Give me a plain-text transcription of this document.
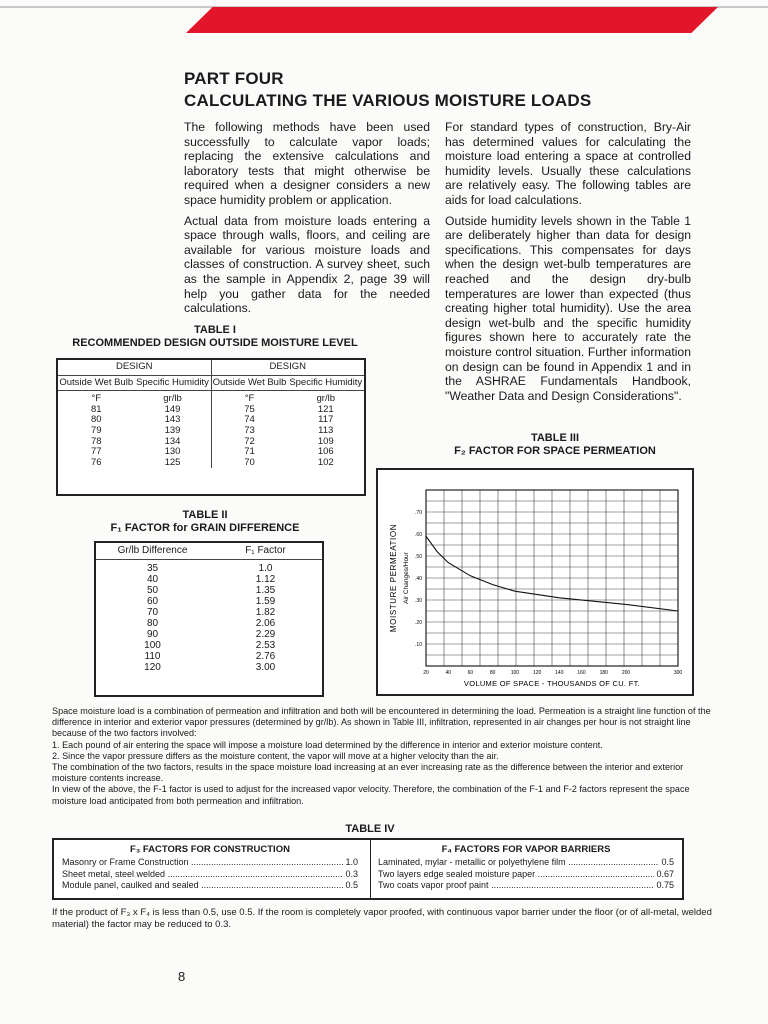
PART FOUR
CALCULATING THE VARIOUS MOISTURE LOADS

The following methods have been used successfully to calculate vapor loads; replacing the extensive calculations and laboratory tests that might otherwise be required when a designer considers a new space humidity problem or application.

Actual data from moisture loads entering a space through walls, floors, and ceiling are available for various moisture loads and classes of construction. A survey sheet, such as the sample in Appendix 2, page 39 will help you gather data for the needed calculations.

For standard types of construction, Bry-Air has determined values for calculating the moisture load entering a space at controlled humidity levels. Usually these calculations are relatively easy. The following tables are aids for load calculations.

Outside humidity levels shown in the Table 1 are deliberately higher than data for design specifications. This compensates for days when the design wet-bulb temperatures are reached and the design dry-bulb temperatures are lower than expected (thus creating higher total humidity). Use the area design wet-bulb and the specific humidity figures shown here to accurately rate the moisture control situation. Further information on design can be found in Appendix 1 and in the ASHRAE Fundamentals Handbook, "Weather Data and Design Considerations".

TABLE I
RECOMMENDED DESIGN OUTSIDE MOISTURE LEVEL
DESIGN		DESIGN	
Outside Wet Bulb	Specific Humidity	Outside Wet Bulb	Specific Humidity
°F	gr/lb	°F	gr/lb
81	149	75	121
80	143	74	117
79	139	73	113
78	134	72	109
77	130	71	106
76	125	70	102
TABLE II
F₁ FACTOR for GRAIN DIFFERENCE
Gr/lb Difference	F₁ Factor
35	1.0
40	1.12
50	1.35
60	1.59
70	1.82
80	2.06
90	2.29
100	2.53
110	2.76
120	3.00
TABLE III
F₂ FACTOR FOR SPACE PERMEATION
.10
.20
.30
.40
.50
.60
.70
20	40	60	80	100	120	140	160	180	200	300
VOLUME OF SPACE - THOUSANDS OF CU. FT.
MOISTURE PERMEATION Air Changes/Hour

Space moisture load is a combination of permeation and infiltration and both will be encountered in determining the load. Permeation is a straight line function of the difference in interior and exterior vapor pressures (determined by gr/lb). As shown in Table III, infiltration, represented in air changes per hour is not straight line because of the two factors involved:

1. Each pound of air entering the space will impose a moisture load determined by the difference in interior and exterior moisture content.

2. Since the vapor pressure differs as the moisture content, the vapor will move at a higher velocity than the air.

The combination of the two factors, results in the space moisture load increasing at an ever increasing rate as the difference between the interior and exterior moisture contents increase.

In view of the above, the F-1 factor is used to adjust for the increased vapor velocity. Therefore, the combination of the F-1 and F-2 factors represent the space moisture load anticipated from both permeation and infiltration.

TABLE IV
F₃ FACTORS FOR CONSTRUCTION
Masonry or Frame Construction .....	1.0
Sheet metal, steel welded .....	0.3
Module panel, caulked and sealed .....	0.5
F₄ FACTORS FOR VAPOR BARRIERS
Laminated, mylar - metallic or polyethylene film .....	0.5
Two layers edge sealed moisture paper .....	0.67
Two coats vapor proof paint .....	0.75
If the product of F₃ x F₄ is less than 0.5, use 0.5. If the room is completely vapor proofed, with continuous vapor barrier under the floor (or of all-metal, welded material) the factor may be reduced to 0.3.
8
